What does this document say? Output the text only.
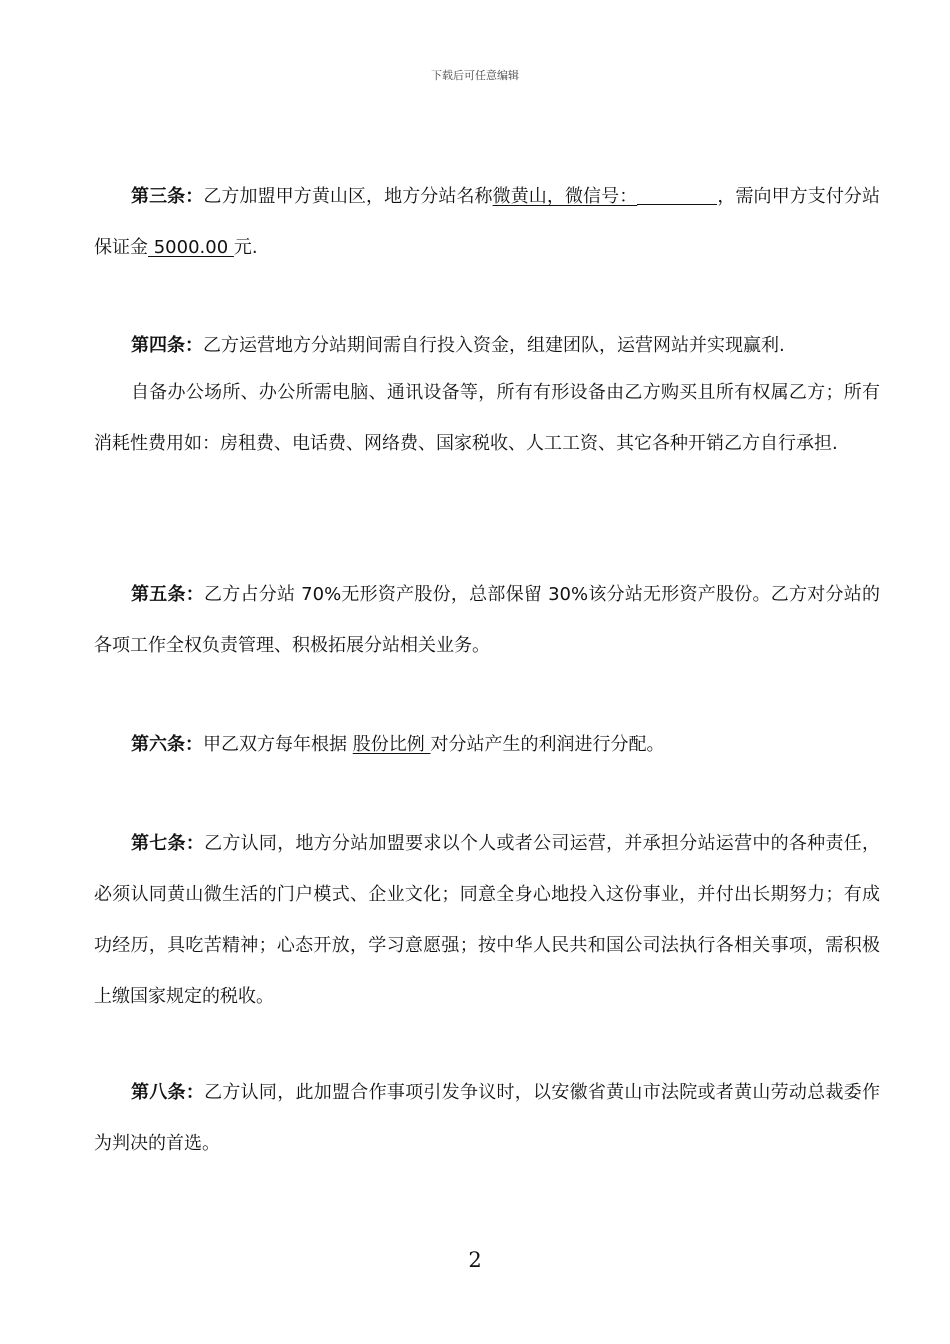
下载后可任意编辑

第三条：乙方加盟甲方黄山区，地方分站名称微黄山，微信号：	，需向甲方支付分站保证金 5000.00 元.

第四条：乙方运营地方分站期间需自行投入资金，组建团队，运营网站并实现赢利.

自备办公场所、办公所需电脑、通讯设备等，所有有形设备由乙方购买且所有权属乙方；所有消耗性费用如：房租费、电话费、网络费、国家税收、人工工资、其它各种开销乙方自行承担.

第五条：乙方占分站 70%无形资产股份，总部保留 30%该分站无形资产股份。乙方对分站的各项工作全权负责管理、积极拓展分站相关业务。

第六条：甲乙双方每年根据 股份比例 对分站产生的利润进行分配。

第七条：乙方认同，地方分站加盟要求以个人或者公司运营，并承担分站运营中的各种责任，必须认同黄山微生活的门户模式、企业文化；同意全身心地投入这份事业，并付出长期努力；有成功经历，具吃苦精神；心态开放，学习意愿强；按中华人民共和国公司法执行各相关事项，需积极上缴国家规定的税收。

第八条：乙方认同，此加盟合作事项引发争议时，以安徽省黄山市法院或者黄山劳动总裁委作为判决的首选。

2
